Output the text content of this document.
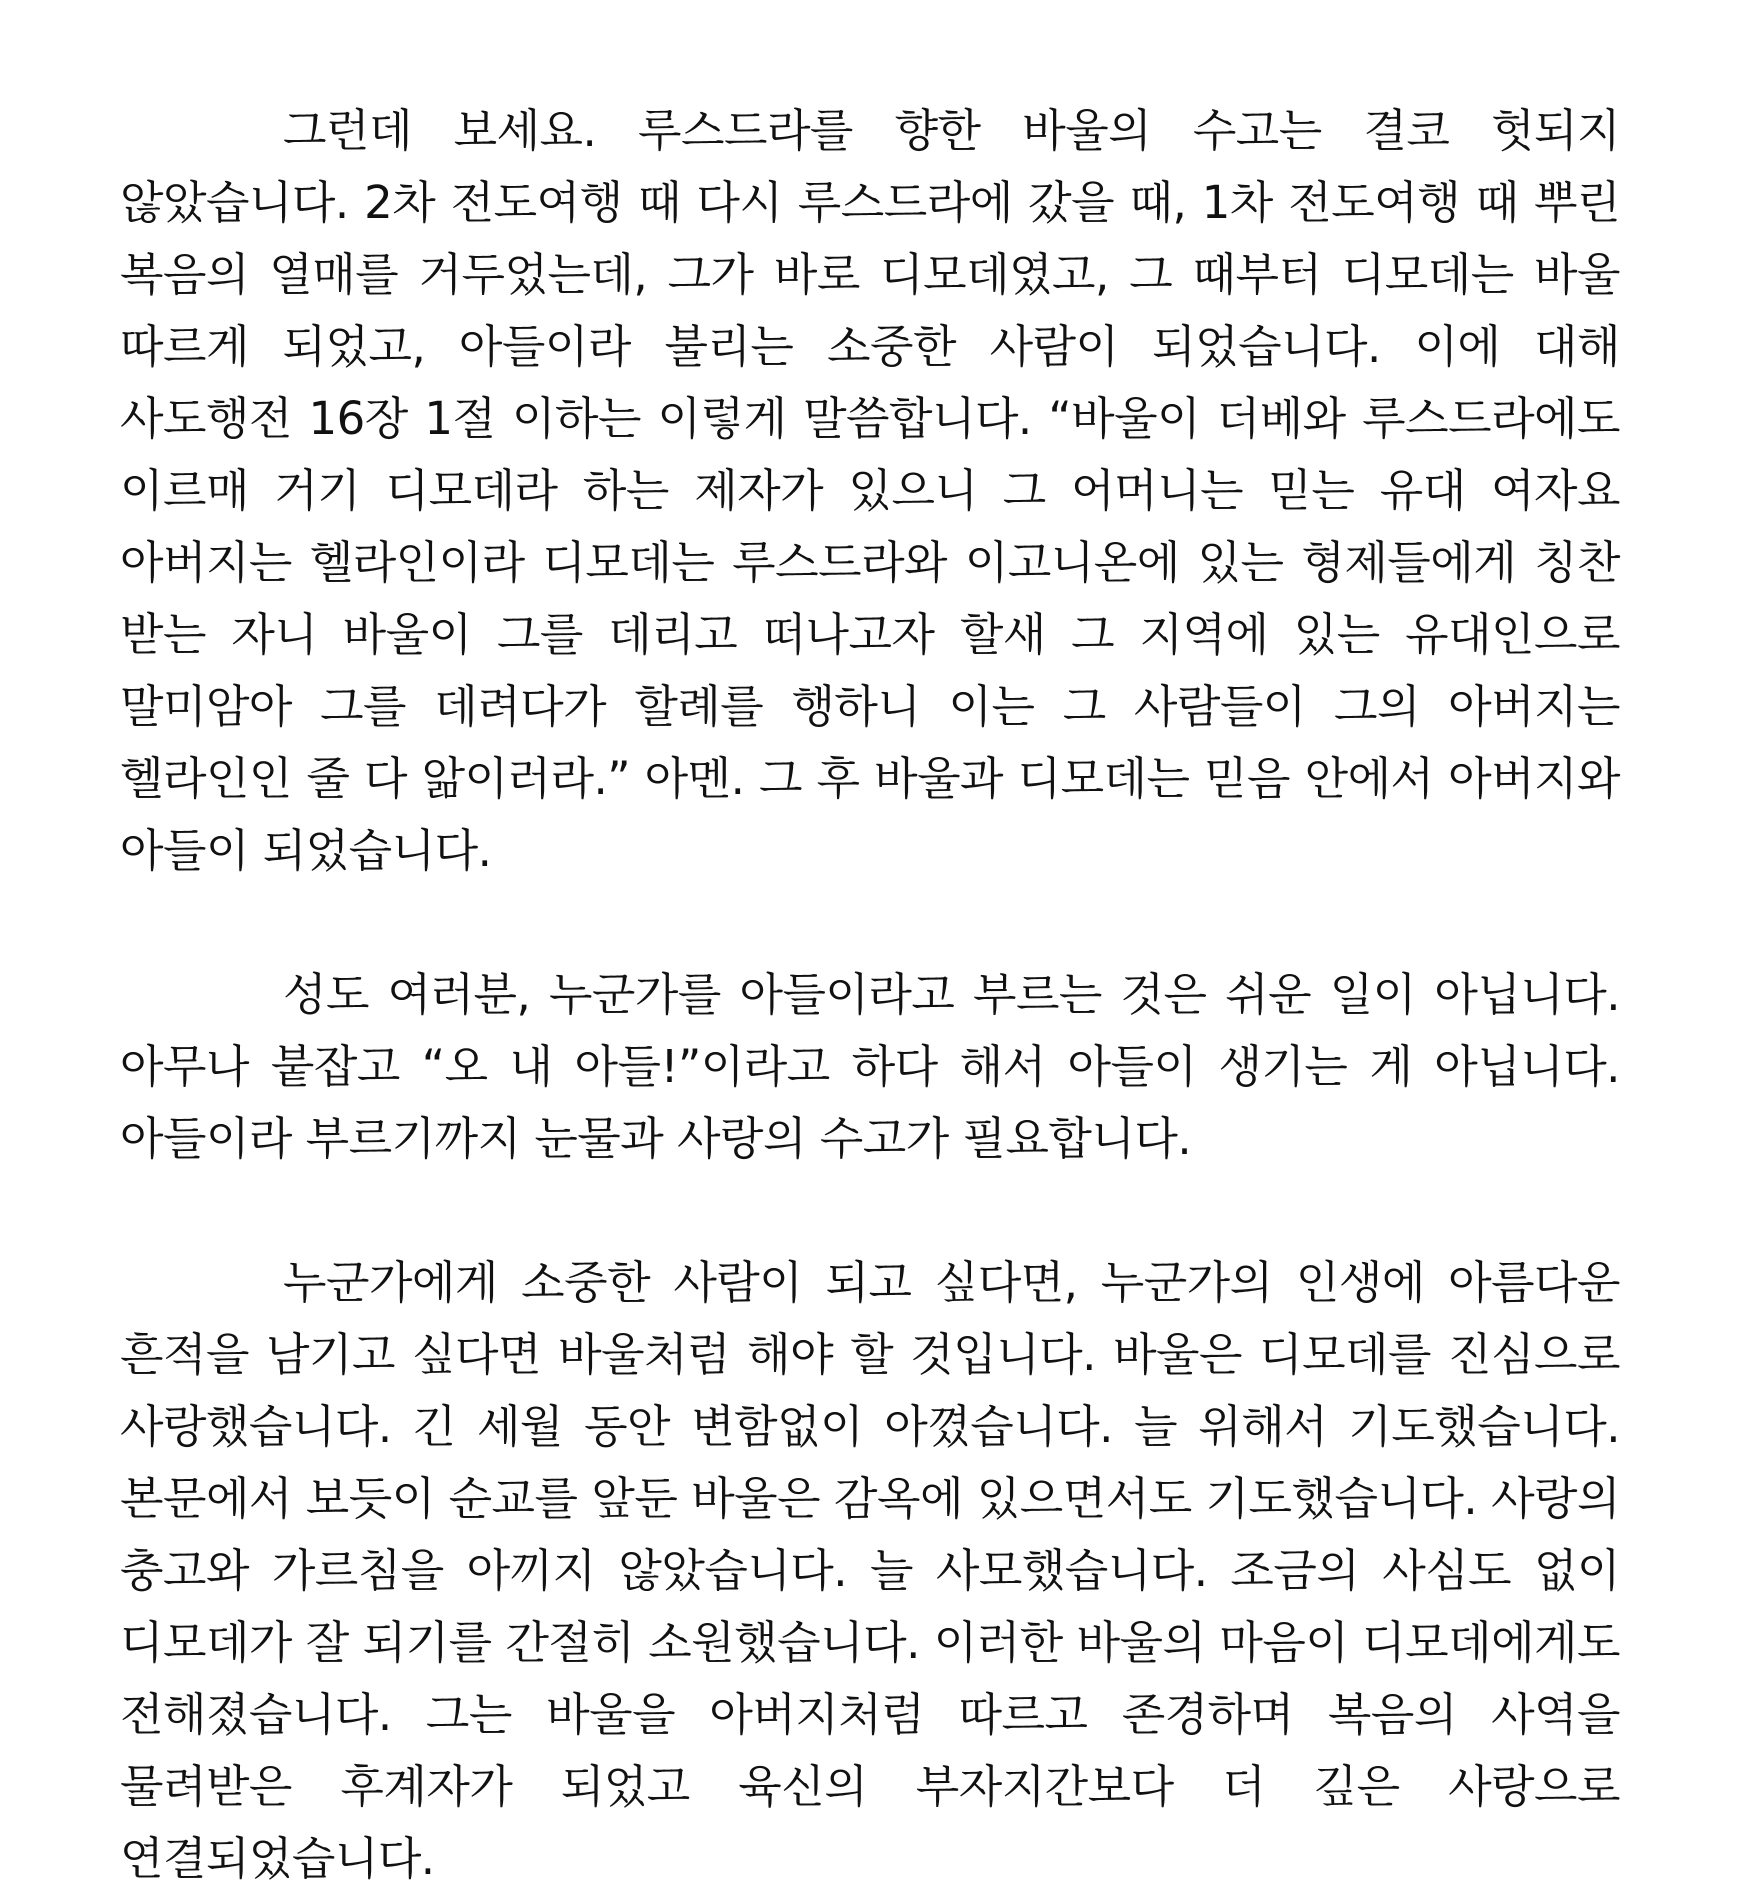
그런데 보세요. 루스드라를 향한 바울의 수고는 결코 헛되지 않았습니다. 2차 전도여행 때 다시 루스드라에 갔을 때, 1차 전도여행 때 뿌린 복음의 열매를 거두었는데, 그가 바로 디모데였고, 그 때부터 디모데는 바울 따르게 되었고, 아들이라 불리는 소중한 사람이 되었습니다. 이에 대해 사도행전 16장 1절 이하는 이렇게 말씀합니다. “바울이 더베와 루스드라에도 이르매 거기 디모데라 하는 제자가 있으니 그 어머니는 믿는 유대 여자요 아버지는 헬라인이라 디모데는 루스드라와 이고니온에 있는 형제들에게 칭찬 받는 자니 바울이 그를 데리고 떠나고자 할새 그 지역에 있는 유대인으로 말미암아 그를 데려다가 할례를 행하니 이는 그 사람들이 그의 아버지는 헬라인인 줄 다 앎이러라.” 아멘. 그 후 바울과 디모데는 믿음 안에서 아버지와 아들이 되었습니다.

성도 여러분, 누군가를 아들이라고 부르는 것은 쉬운 일이 아닙니다. 아무나 붙잡고 “오 내 아들!”이라고 하다 해서 아들이 생기는 게 아닙니다. 아들이라 부르기까지 눈물과 사랑의 수고가 필요합니다.

누군가에게 소중한 사람이 되고 싶다면, 누군가의 인생에 아름다운 흔적을 남기고 싶다면 바울처럼 해야 할 것입니다. 바울은 디모데를 진심으로 사랑했습니다. 긴 세월 동안 변함없이 아꼈습니다. 늘 위해서 기도했습니다. 본문에서 보듯이 순교를 앞둔 바울은 감옥에 있으면서도 기도했습니다. 사랑의 충고와 가르침을 아끼지 않았습니다. 늘 사모했습니다. 조금의 사심도 없이 디모데가 잘 되기를 간절히 소원했습니다. 이러한 바울의 마음이 디모데에게도 전해졌습니다. 그는 바울을 아버지처럼 따르고 존경하며 복음의 사역을 물려받은 후계자가 되었고 육신의 부자지간보다 더 깊은 사랑으로 연결되었습니다.
